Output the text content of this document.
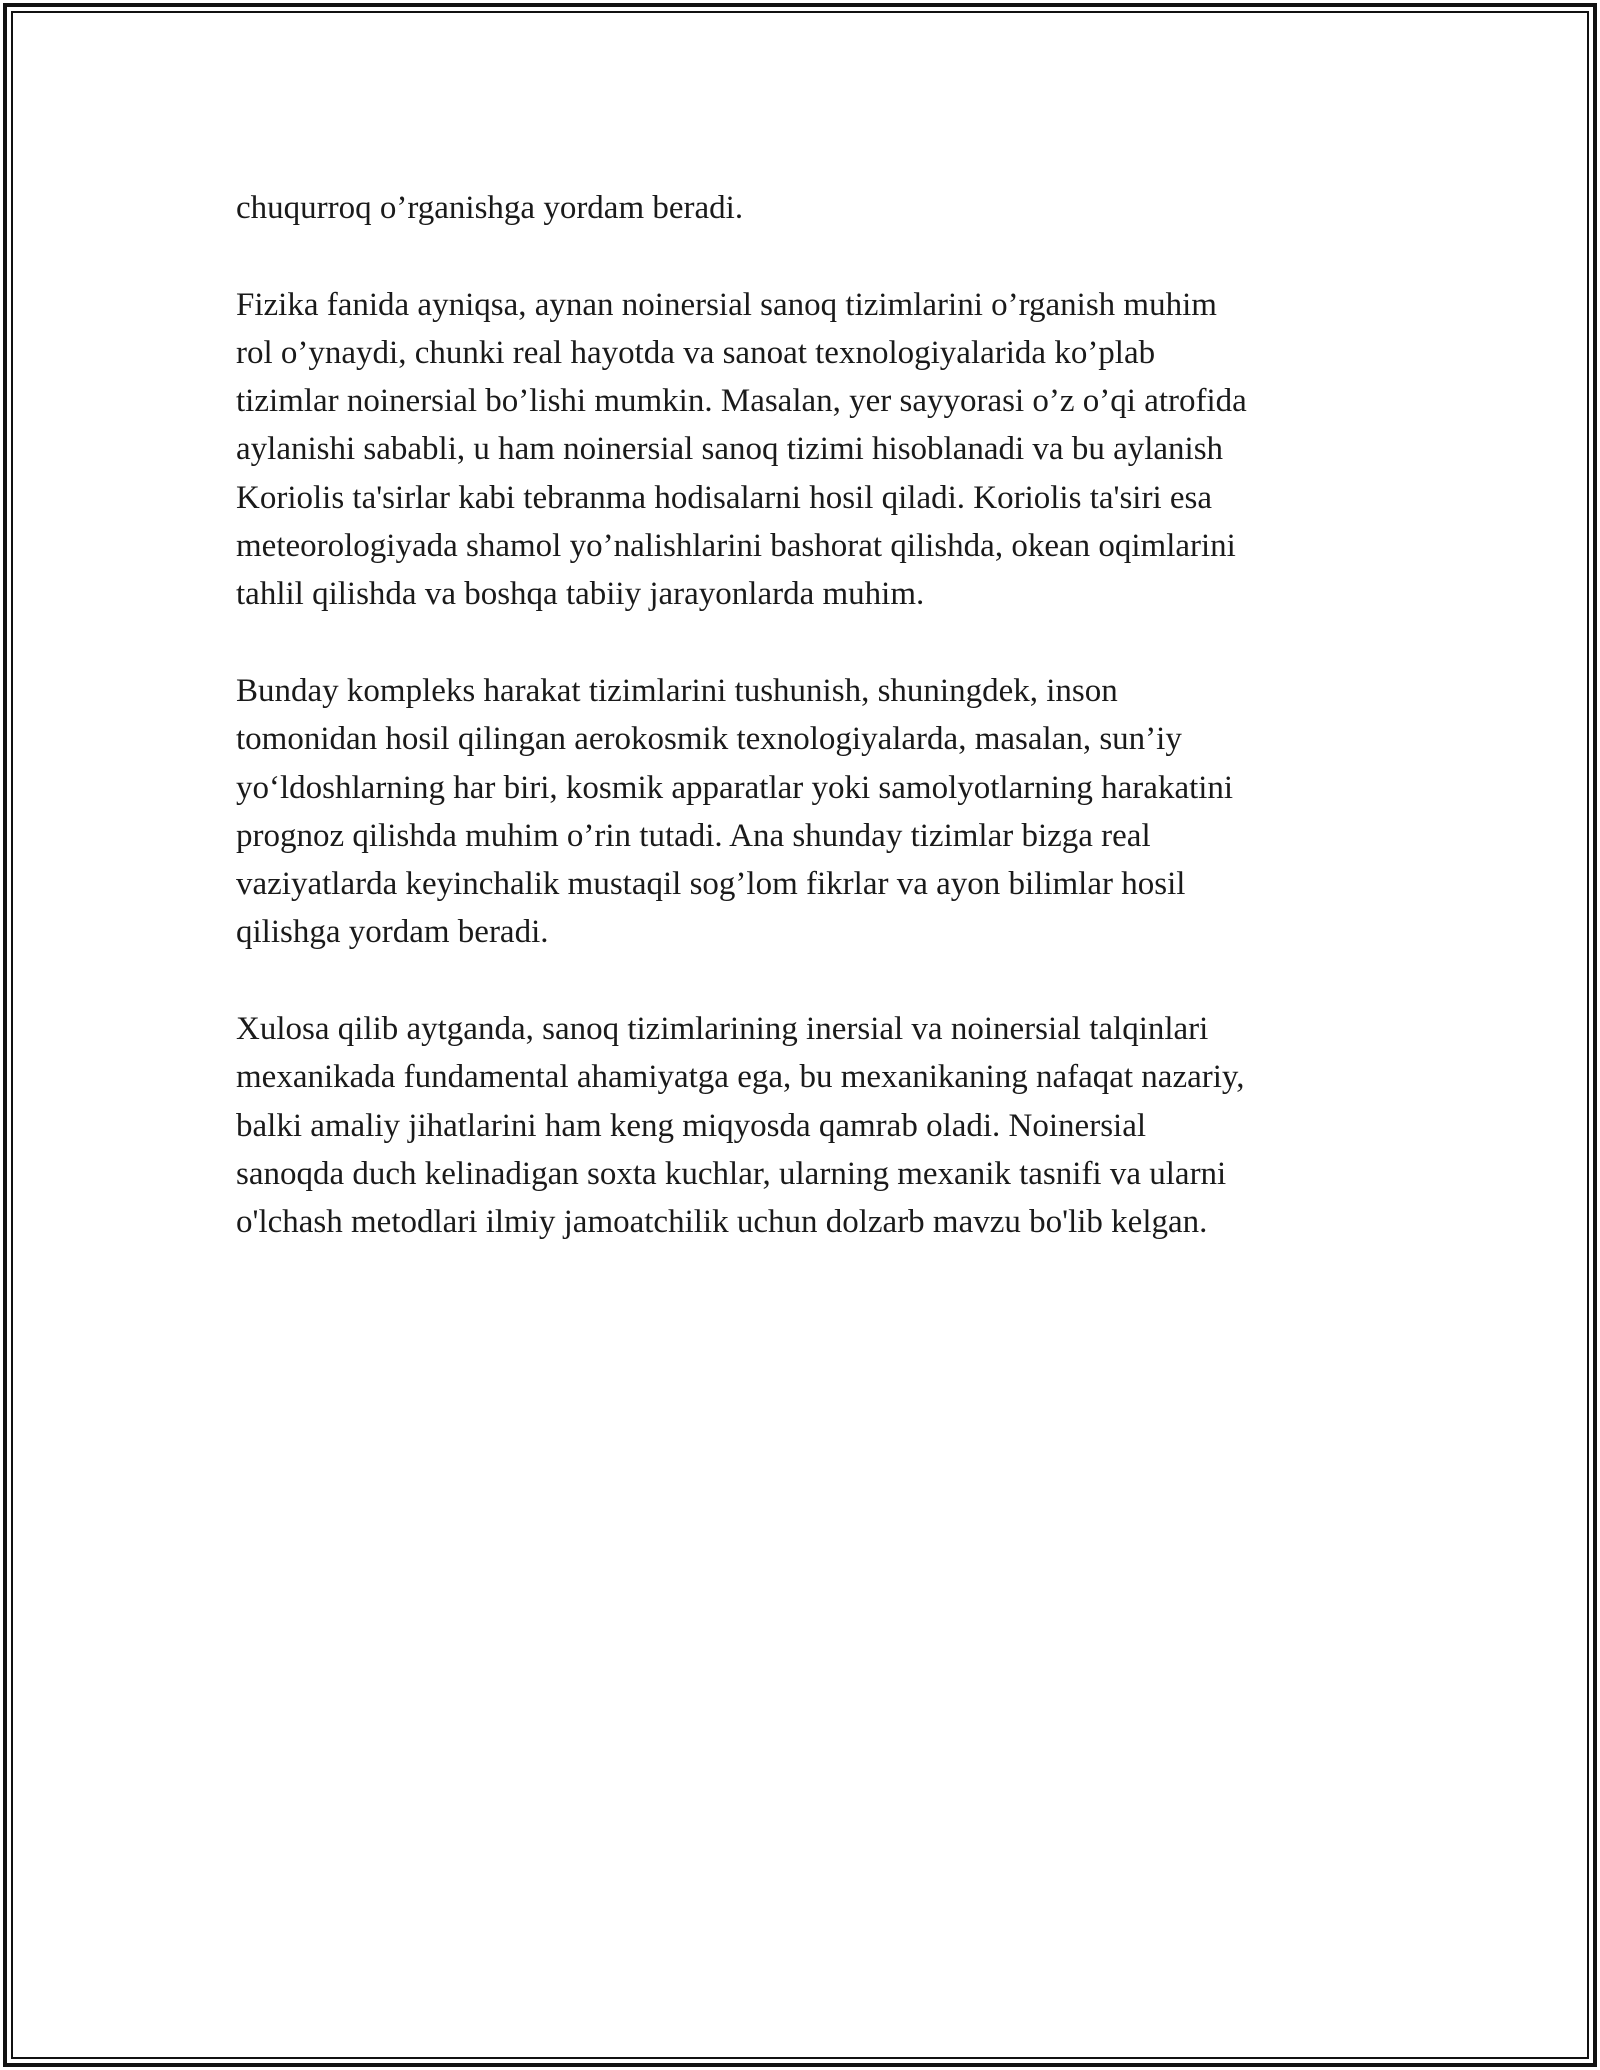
chuqurroq o’rganishga yordam beradi.
Fizika fanida ayniqsa, aynan noinersial sanoq tizimlarini o’rganish muhim
rol o’ynaydi, chunki real hayotda va sanoat texnologiyalarida ko’plab
tizimlar noinersial bo’lishi mumkin. Masalan, yer sayyorasi o’z o’qi atrofida
aylanishi sababli, u ham noinersial sanoq tizimi hisoblanadi va bu aylanish
Koriolis ta'sirlar kabi tebranma hodisalarni hosil qiladi. Koriolis ta'siri esa
meteorologiyada shamol yo’nalishlarini bashorat qilishda, okean oqimlarini
tahlil qilishda va boshqa tabiiy jarayonlarda muhim.
Bunday kompleks harakat tizimlarini tushunish, shuningdek, inson
tomonidan hosil qilingan aerokosmik texnologiyalarda, masalan, sun’iy
yo‘ldoshlarning har biri, kosmik apparatlar yoki samolyotlarning harakatini
prognoz qilishda muhim o’rin tutadi. Ana shunday tizimlar bizga real
vaziyatlarda keyinchalik mustaqil sog’lom fikrlar va ayon bilimlar hosil
qilishga yordam beradi.
Xulosa qilib aytganda, sanoq tizimlarining inersial va noinersial talqinlari
mexanikada fundamental ahamiyatga ega, bu mexanikaning nafaqat nazariy,
balki amaliy jihatlarini ham keng miqyosda qamrab oladi. Noinersial
sanoqda duch kelinadigan soxta kuchlar, ularning mexanik tasnifi va ularni
o'lchash metodlari ilmiy jamoatchilik uchun dolzarb mavzu bo'lib kelgan.
